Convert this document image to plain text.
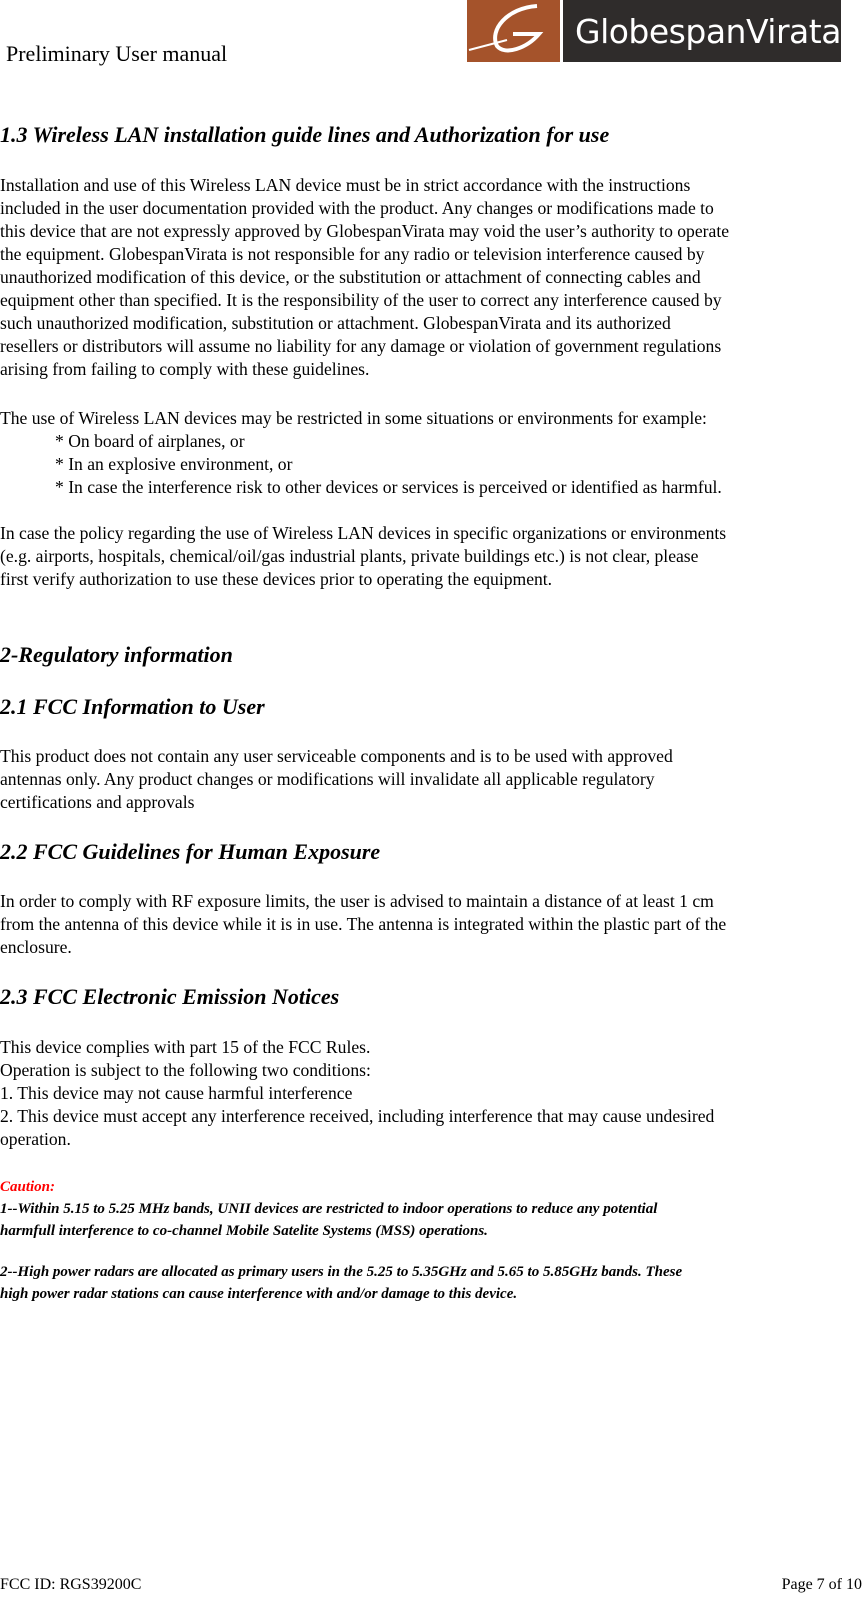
Preliminary User manual
GlobespanVirata
1.3 Wireless LAN installation guide lines and Authorization for use
Installation and use of this Wireless LAN device must be in strict accordance with the instructions
included in the user documentation provided with the product. Any changes or modifications made to
this device that are not expressly approved by GlobespanVirata may void the user’s authority to operate
the equipment. GlobespanVirata is not responsible for any radio or television interference caused by
unauthorized modification of this device, or the substitution or attachment of connecting cables and
equipment other than specified. It is the responsibility of the user to correct any interference caused by
such unauthorized modification, substitution or attachment. GlobespanVirata and its authorized
resellers or distributors will assume no liability for any damage or violation of government regulations
arising from failing to comply with these guidelines.
The use of Wireless LAN devices may be restricted in some situations or environments for example:
* On board of airplanes, or
* In an explosive environment, or
* In case the interference risk to other devices or services is perceived or identified as harmful.
In case the policy regarding the use of Wireless LAN devices in specific organizations or environments
(e.g. airports, hospitals, chemical/oil/gas industrial plants, private buildings etc.) is not clear, please
first verify authorization to use these devices prior to operating the equipment.
2-Regulatory information
2.1 FCC Information to User
This product does not contain any user serviceable components and is to be used with approved
antennas only. Any product changes or modifications will invalidate all applicable regulatory
certifications and approvals
2.2 FCC Guidelines for Human Exposure
In order to comply with RF exposure limits, the user is advised to maintain a distance of at least 1 cm
from the antenna of this device while it is in use. The antenna is integrated within the plastic part of the
enclosure.
2.3 FCC Electronic Emission Notices
This device complies with part 15 of the FCC Rules.
Operation is subject to the following two conditions:
1. This device may not cause harmful interference
2. This device must accept any interference received, including interference that may cause undesired
operation.
Caution:
1--Within 5.15 to 5.25 MHz bands, UNII devices are restricted to indoor operations to reduce any potential
harmfull interference to co-channel Mobile Satelite Systems (MSS) operations.
2--High power radars are allocated as primary users in the 5.25 to 5.35GHz and 5.65 to 5.85GHz bands. These
high power radar stations can cause interference with and/or damage to this device.
FCC ID: RGS39200C	Page 7 of 10
